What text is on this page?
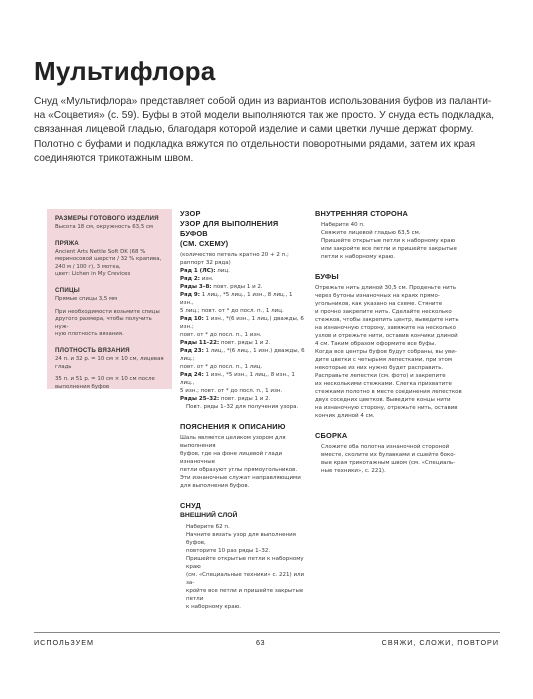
Мультифлора

Снуд «Мультифлора» представляет собой один из вариантов использования буфов из паланти-

на «Соцветия» (с. 59). Буфы в этой модели выполняются так же просто. У снуда есть подкладка,

связанная лицевой гладью, благодаря которой изделие и сами цветки лучше держат форму.

Полотно с буфами и подкладка вяжутся по отдельности поворотными рядами, затем их края

соединяются трикотажным швом.

РАЗМЕРЫ ГОТОВОГО ИЗДЕЛИЯ
Высота 18 см, окружность 63,5 см
ПРЯЖА
Ancient Arts Nettle Soft DK (68 %
мериносовой шерсти / 32 % крапива,
240 м / 100 г), 3 мотка,
цвет: Lichen in My Crevices
СПИЦЫ
Прямые спицы 3,5 мм
При необходимости возьмите спицы
другого размера, чтобы получить нуж-
ную плотность вязания.
ПЛОТНОСТЬ ВЯЗАНИЯ
24 п. и 32 р. = 10 см × 10 см, лицевая
гладь
35 п. и 51 р. = 10 см × 10 см после
выполнения буфов
УЗОР
УЗОР ДЛЯ ВЫПОЛНЕНИЯ БУФОВ
(СМ. СХЕМУ)
(количество петель кратно 20 + 2 п.;
раппорт 32 ряда)
Ряд 1 (ЛС): лиц.
Ряд 2: изн.
Ряды 3–8: повт. ряды 1 и 2.
Ряд 9: 1 лиц., *5 лиц., 1 изн., 8 лиц., 1 изн.,
5 лиц.; повт. от * до посл. п., 1 лиц.
Ряд 10: 1 изн., *(6 изн., 1 лиц.) дважды, 6 изн.;
повт. от * до посл. п., 1 изн.
Ряды 11–22: повт. ряды 1 и 2.
Ряд 23: 1 лиц., *(6 лиц., 1 изн.) дважды, 6 лиц.;
повт. от * до посл. п., 1 лиц.
Ряд 24: 1 изн., *5 изн., 1 лиц., 8 изн., 1 лиц.,
5 изн.; повт. от * до посл. п., 1 изн.
Ряды 25–32: повт. ряды 1 и 2.
Повт. ряды 1–32 для получения узора.
ПОЯСНЕНИЯ К ОПИСАНИЮ
Шаль является целиком узором для выполнения
буфов, где на фоне лицевой глади изнаночные
петли образуют углы прямоугольников.
Эти изнаночные служат направляющими
для выполнения буфов.
СНУД
ВНЕШНИЙ СЛОЙ
Наберите 62 п.
Начните вязать узор для выполнения буфов,
повторите 10 раз ряды 1–32.
Пришейте открытые петли к наборному краю
(см. «Специальные техники» с. 221) или за-
кройте все петли и пришейте закрытые петли
к наборному краю.
ВНУТРЕННЯЯ СТОРОНА
Наберите 40 п.
Свяжите лицевой гладью 63,5 см.
Пришейте открытые петли к наборному краю
или закройте все петли и пришейте закрытые
петли к наборному краю.
БУФЫ
Отрежьте нить длиной 30,5 см. Проденьте нить
через бутоны изнаночных на краях прямо-
угольников, как указано на схеме. Стяните
и прочно закрепите нить. Сделайте несколько
стежков, чтобы закрепить центр, выведите нить
на изнаночную сторону, завяжите на несколько
узлов и отрежьте нити, оставив кончики длиной
4 см. Таким образом оформите все буфы.
Когда все центры буфов будут собраны, вы уви-
дите цветки с четырьмя лепестками, при этом
некоторые из них нужно будет расправить.
Расправьте лепестки (см. фото) и закрепите
их несколькими стежками. Слегка прихватите
стежками полотно в месте соединения лепестков
двух соседних цветков. Выведите концы нити
на изнаночную сторону, отрежьте нить, оставив
кончик длиной 4 см.
СБОРКА
Сложите оба полотна изнаночной стороной
вместе, сколите их булавками и сшейте боко-
вые края трикотажным швом (см. «Специаль-
ные техники», с. 221).
ИСПОЛЬЗУЕМ	63	СВЯЖИ, СЛОЖИ, ПОВТОРИ
